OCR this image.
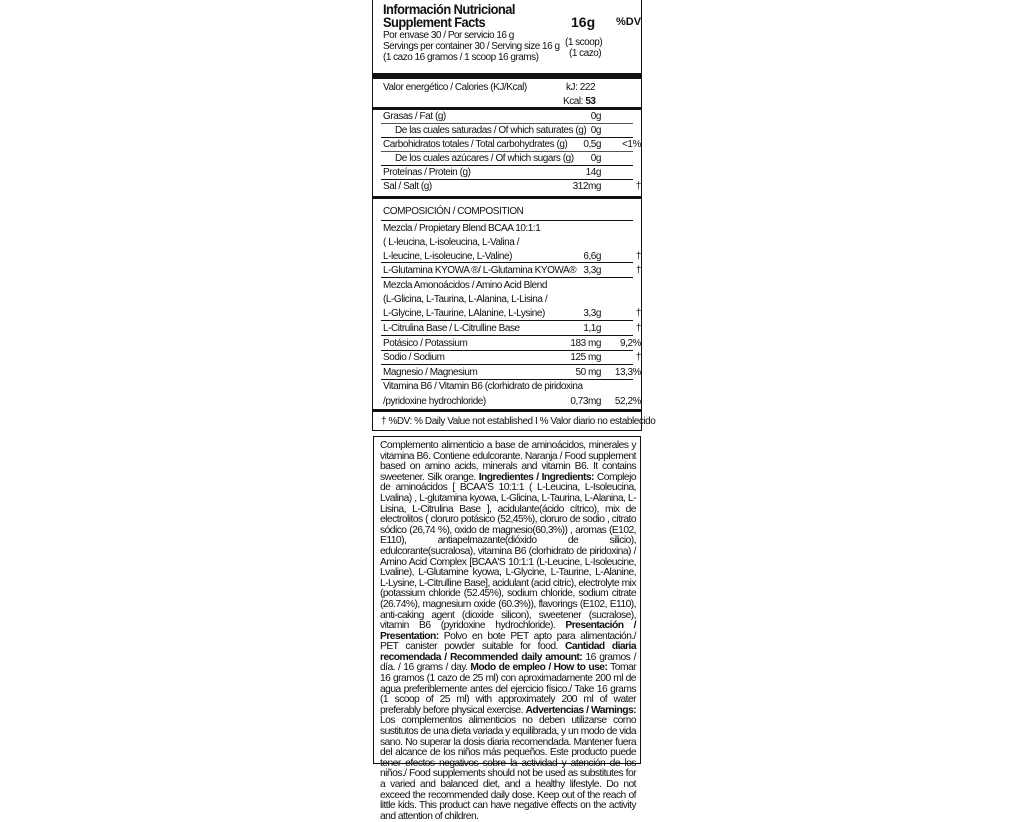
Información Nutricional
Supplement Facts	16g %DV
Por envase 30 / Por servicio 16 g
Servings per container 30 / Serving size 16 g
(1 cazo 16 gramos / 1 scoop 16 grams)
(1 scoop)
(1 cazo)
Valor energético / Calories (KJ/Kcal)	kJ: 222
Kcal: 53
Grasas / Fat (g)	0g
De las cuales saturadas / Of which saturates (g) 0g
Carbohidratos totales / Total carbohydrates (g)	0,5g	<1%
De los cuales azúcares / Of which sugars (g)	0g
Proteínas / Protein (g)	14g
Sal / Salt (g)	312mg	†
COMPOSICIÓN / COMPOSITION
Mezcla / Propietary Blend BCAA 10:1:1
( L-leucina, L-isoleucina, L-Valina /
L-leucine, L-isoleucine, L-Valine)	6,6g	†
L-Glutamina KYOWA ®/ L-Glutamina KYOWA® 3,3g	†
Mezcla Amonoácidos / Amino Acid Blend
(L-Glicina, L-Taurina, L-Alanina, L-Lisina /
L-Glycine, L-Taurine, LAlanine, L-Lysine)	3,3g	†
L-Citrulina Base / L-Citrulline Base	1,1g	†
Potásico / Potassium	183 mg	9,2%
Sodio / Sodium	125 mg	†
Magnesio / Magnesium	50 mg	13,3%
Vitamina B6 / Vitamin B6 (clorhidrato de piridoxina
/pyridoxine hydrochloride)	0,73mg	52,2%
† %DV: % Daily Value not established I % Valor diario no establecido
Complemento alimenticio a base de aminoácidos, minerales y vitamina B6. Contiene edulcorante. Naranja / Food supplement based on amino acids, minerals and vitamin B6. It contains sweetener. Silk orange. Ingredientes / Ingredients: Complejo de aminoácidos [ BCAA'S 10:1:1 ( L-Leucina, L-Isoleucina, Lvalina) , L-glutamina kyowa, L-Glicina, L-Taurina, L-Alanina, L-Lisina, L-Citrulina Base ], acidulante(ácido cítrico), mix de electrolitos ( cloruro potásico (52,45%), cloruro de sodio , citrato sódico (26,74 %), oxido de magnesio(60,3%)) , aromas (E102, E110), antiapelmazante(dióxido de silicio), edulcorante(sucralosa), vitamina B6 (clorhidrato de piridoxina) / Amino Acid Complex [BCAA'S 10:1:1 (L-Leucine, L-Isoleucine, Lvaline), L-Glutamine kyowa, L-Glycine, L-Taurine, L-Alanine, L-Lysine, L-Citrulline Base], acidulant (acid citric), electrolyte mix (potassium chloride (52.45%), sodium chloride, sodium citrate (26.74%), magnesium oxide (60.3%)), flavorings (E102, E110), anti-caking agent (dioxide silicon), sweetener (sucralose), vitamin B6 (pyridoxine hydrochloride). Presentación / Presentation: Polvo en bote PET apto para alimentación./ PET canister powder suitable for food. Cantidad diaria recomendada / Recommended daily amount: 16 gramos / día. / 16 grams / day. Modo de empleo / How to use: Tomar 16 gramos (1 cazo de 25 ml) con aproximadamente 200 ml de agua preferiblemente antes del ejercicio físico./ Take 16 grams (1 scoop of 25 ml) with approximately 200 ml of water preferably before physical exercise. Advertencias / Warnings: Los complementos alimenticios no deben utilizarse como sustitutos de una dieta variada y equilibrada, y un modo de vida sano. No superar la dosis diaria recomendada. Mantener fuera del alcance de los niños más pequeños. Este producto puede tener efectos negativos sobre la actividad y atención de los niños./ Food supplements should not be used as substitutes for a varied and balanced diet, and a healthy lifestyle. Do not exceed the recommended daily dose. Keep out of the reach of little kids. This product can have negative effects on the activity and attention of children.
